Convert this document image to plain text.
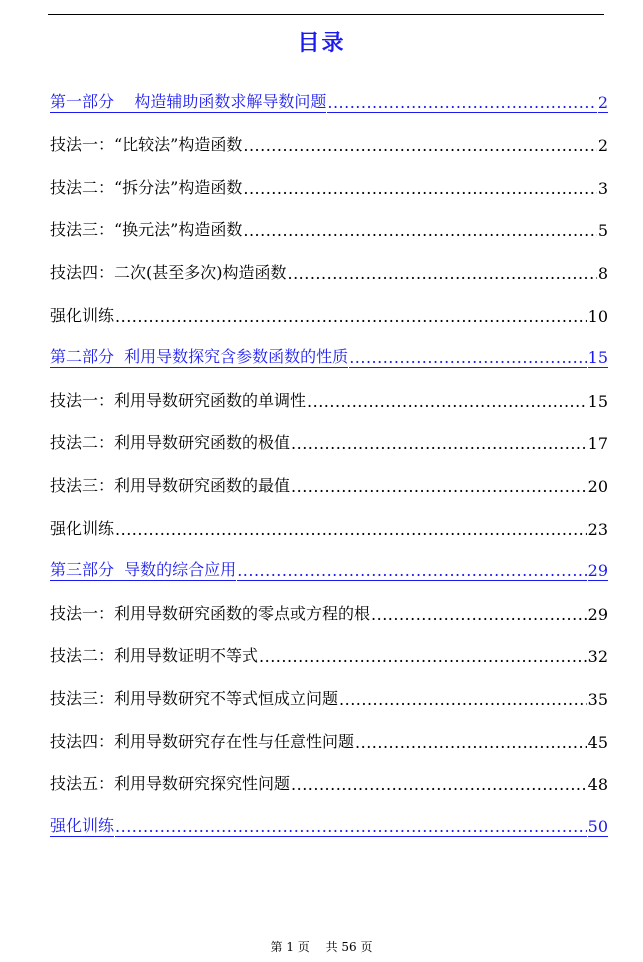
目录
第一部分    构造辅助函数求解导数问题 .....	2
技法一：“比较法”构造函数 .....	2
技法二：“拆分法”构造函数 .....	3
技法三：“换元法”构造函数 .....	5
技法四：二次(甚至多次)构造函数 .....	8
强化训练 .....	10
第二部分  利用导数探究含参数函数的性质 .....	15
技法一：利用导数研究函数的单调性 .....	15
技法二：利用导数研究函数的极值 .....	17
技法三：利用导数研究函数的最值 .....	20
强化训练 .....	23
第三部分  导数的综合应用 .....	29
技法一：利用导数研究函数的零点或方程的根 .....	29
技法二：利用导数证明不等式 .....	32
技法三：利用导数研究不等式恒成立问题 .....	35
技法四：利用导数研究存在性与任意性问题 .....	45
技法五：利用导数研究探究性问题 .....	48
强化训练 .....	50
第 1 页 共 56 页
